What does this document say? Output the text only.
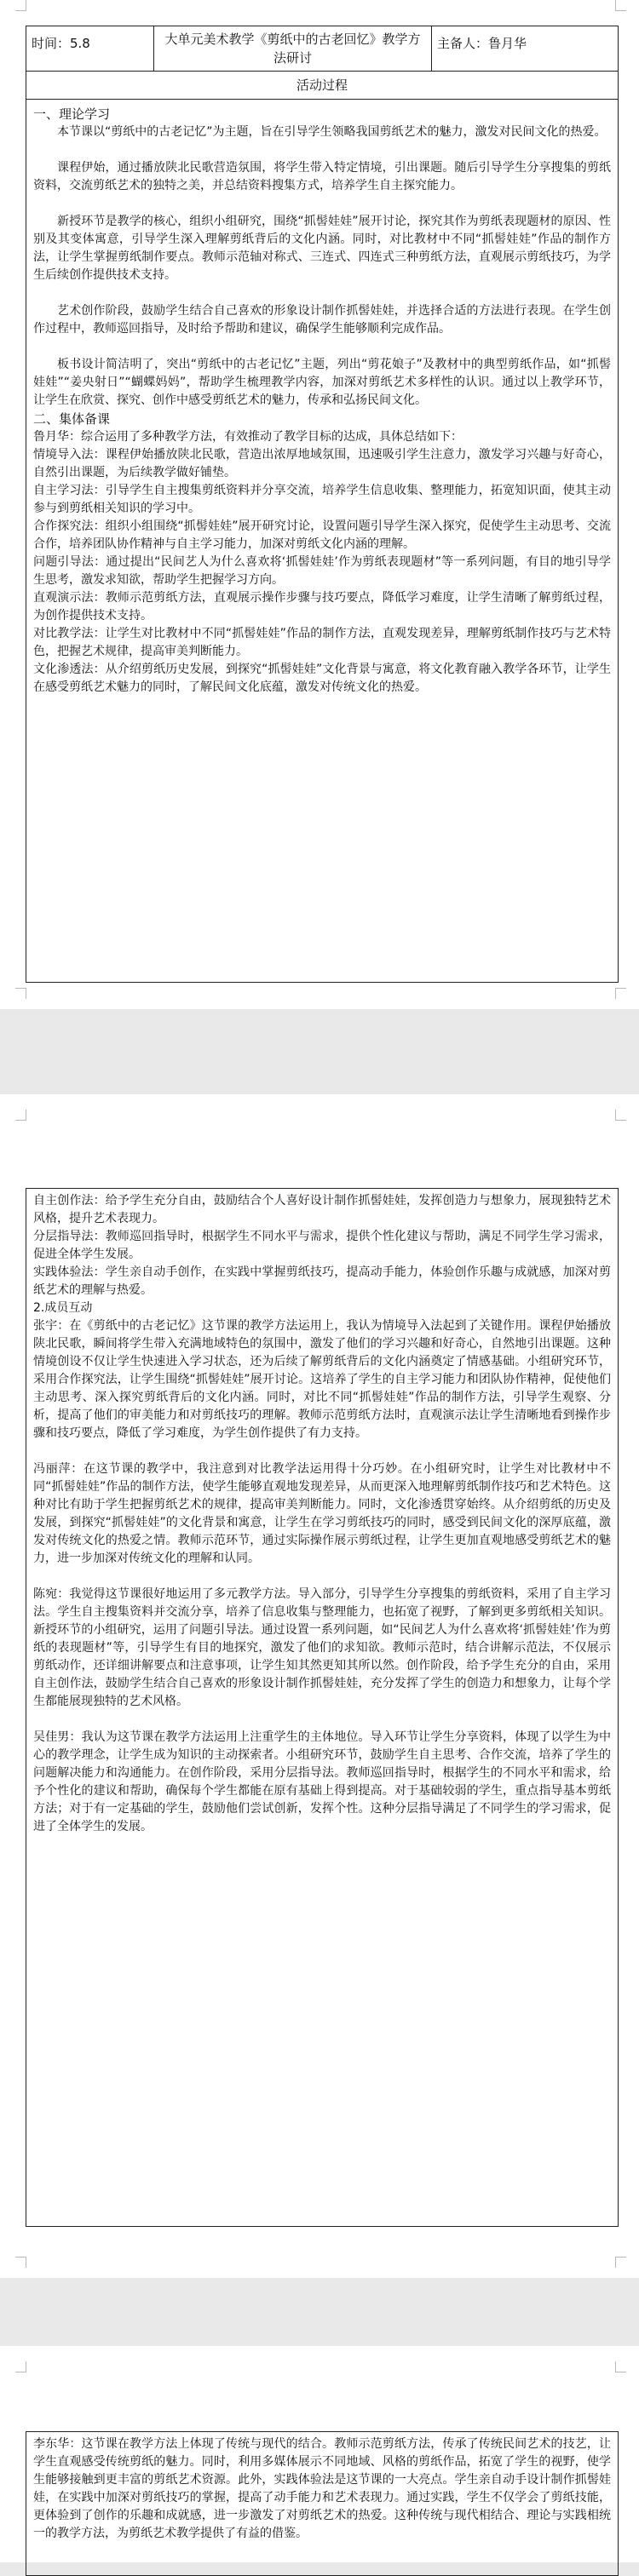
时间：5.8	大单元美术教学《剪纸中的古老回忆》教学方法研讨
主备人：鲁月华
活动过程
一、理论学习

本节课以“剪纸中的古老记忆”为主题，旨在引导学生领略我国剪纸艺术的魅力，激发对民间文化的热爱。

课程伊始，通过播放陕北民歌营造氛围，将学生带入特定情境，引出课题。随后引导学生分享搜集的剪纸资料，交流剪纸艺术的独特之美，并总结资料搜集方式，培养学生自主探究能力。

新授环节是教学的核心，组织小组研究，围绕“抓髻娃娃”展开讨论，探究其作为剪纸表现题材的原因、性别及其变体寓意，引导学生深入理解剪纸背后的文化内涵。同时，对比教材中不同“抓髻娃娃”作品的制作方法，让学生掌握剪纸制作要点。教师示范轴对称式、三连式、四连式三种剪纸方法，直观展示剪纸技巧，为学生后续创作提供技术支持。

艺术创作阶段，鼓励学生结合自己喜欢的形象设计制作抓髻娃娃，并选择合适的方法进行表现。在学生创作过程中，教师巡回指导，及时给予帮助和建议，确保学生能够顺利完成作品。

板书设计简洁明了，突出“剪纸中的古老记忆”主题，列出“剪花娘子”及教材中的典型剪纸作品，如“抓髻娃娃”“姜央射日”“蝴蝶妈妈”，帮助学生梳理教学内容，加深对剪纸艺术多样性的认识。通过以上教学环节，让学生在欣赏、探究、创作中感受剪纸艺术的魅力，传承和弘扬民间文化。

二、集体备课

鲁月华：综合运用了多种教学方法，有效推动了教学目标的达成，具体总结如下：

情境导入法：课程伊始播放陕北民歌，营造出浓厚地域氛围，迅速吸引学生注意力，激发学习兴趣与好奇心，自然引出课题，为后续教学做好铺垫。

自主学习法：引导学生自主搜集剪纸资料并分享交流，培养学生信息收集、整理能力，拓宽知识面，使其主动参与到剪纸相关知识的学习中。

合作探究法：组织小组围绕“抓髻娃娃”展开研究讨论，设置问题引导学生深入探究，促使学生主动思考、交流合作，培养团队协作精神与自主学习能力，加深对剪纸文化内涵的理解。

问题引导法：通过提出“民间艺人为什么喜欢将‘抓髻娃娃’作为剪纸表现题材”等一系列问题，有目的地引导学生思考，激发求知欲，帮助学生把握学习方向。

直观演示法：教师示范剪纸方法，直观展示操作步骤与技巧要点，降低学习难度，让学生清晰了解剪纸过程，为创作提供技术支持。

对比教学法：让学生对比教材中不同“抓髻娃娃”作品的制作方法，直观发现差异，理解剪纸制作技巧与艺术特色，把握艺术规律，提高审美判断能力。

文化渗透法：从介绍剪纸历史发展，到探究“抓髻娃娃”文化背景与寓意，将文化教育融入教学各环节，让学生在感受剪纸艺术魅力的同时，了解民间文化底蕴，激发对传统文化的热爱。

自主创作法：给予学生充分自由，鼓励结合个人喜好设计制作抓髻娃娃，发挥创造力与想象力，展现独特艺术风格，提升艺术表现力。

分层指导法：教师巡回指导时，根据学生不同水平与需求，提供个性化建议与帮助，满足不同学生学习需求，促进全体学生发展。

实践体验法：学生亲自动手创作，在实践中掌握剪纸技巧，提高动手能力，体验创作乐趣与成就感，加深对剪纸艺术的理解与热爱。

2.成员互动

张宇：在《剪纸中的古老记忆》这节课的教学方法运用上，我认为情境导入法起到了关键作用。课程伊始播放陕北民歌，瞬间将学生带入充满地域特色的氛围中，激发了他们的学习兴趣和好奇心，自然地引出课题。这种情境创设不仅让学生快速进入学习状态，还为后续了解剪纸背后的文化内涵奠定了情感基础。小组研究环节，采用合作探究法，让学生围绕“抓髻娃娃”展开讨论。这培养了学生的自主学习能力和团队协作精神，促使他们主动思考、深入探究剪纸背后的文化内涵。同时，对比不同“抓髻娃娃”作品的制作方法，引导学生观察、分析，提高了他们的审美能力和对剪纸技巧的理解。教师示范剪纸方法时，直观演示法让学生清晰地看到操作步骤和技巧要点，降低了学习难度，为学生创作提供了有力支持。

冯丽萍：在这节课的教学中，我注意到对比教学法运用得十分巧妙。在小组研究时，让学生对比教材中不同“抓髻娃娃”作品的制作方法，使学生能够直观地发现差异，从而更深入地理解剪纸制作技巧和艺术特色。这种对比有助于学生把握剪纸艺术的规律，提高审美判断能力。同时，文化渗透贯穿始终。从介绍剪纸的历史及发展，到探究“抓髻娃娃”的文化背景和寓意，让学生在学习剪纸技巧的同时，感受到民间文化的深厚底蕴，激发对传统文化的热爱之情。教师示范环节，通过实际操作展示剪纸过程，让学生更加直观地感受剪纸艺术的魅力，进一步加深对传统文化的理解和认同。

陈宛：我觉得这节课很好地运用了多元教学方法。导入部分，引导学生分享搜集的剪纸资料，采用了自主学习法。学生自主搜集资料并交流分享，培养了信息收集与整理能力，也拓宽了视野，了解到更多剪纸相关知识。新授环节的小组研究，运用了问题引导法。通过设置一系列问题，如“民间艺人为什么喜欢将‘抓髻娃娃’作为剪纸的表现题材”等，引导学生有目的地探究，激发了他们的求知欲。教师示范时，结合讲解示范法，不仅展示剪纸动作，还详细讲解要点和注意事项，让学生知其然更知其所以然。创作阶段，给予学生充分的自由，采用自主创作法，鼓励学生结合自己喜欢的形象设计制作抓髻娃娃，充分发挥了学生的创造力和想象力，让每个学生都能展现独特的艺术风格。

吴佳男：我认为这节课在教学方法运用上注重学生的主体地位。导入环节让学生分享资料，体现了以学生为中心的教学理念，让学生成为知识的主动探索者。小组研究环节，鼓励学生自主思考、合作交流，培养了学生的问题解决能力和沟通能力。在创作阶段，采用分层指导法。教师巡回指导时，根据学生的不同水平和需求，给予个性化的建议和帮助，确保每个学生都能在原有基础上得到提高。对于基础较弱的学生，重点指导基本剪纸方法；对于有一定基础的学生，鼓励他们尝试创新，发挥个性。这种分层指导满足了不同学生的学习需求，促进了全体学生的发展。

李东华：这节课在教学方法上体现了传统与现代的结合。教师示范剪纸方法，传承了传统民间艺术的技艺，让学生直观感受传统剪纸的魅力。同时，利用多媒体展示不同地域、风格的剪纸作品，拓宽了学生的视野，使学生能够接触到更丰富的剪纸艺术资源。此外，实践体验法是这节课的一大亮点。学生亲自动手设计制作抓髻娃娃，在实践中加深对剪纸技巧的掌握，提高了动手能力和艺术表现力。通过实践，学生不仅学会了剪纸技能，更体验到了创作的乐趣和成就感，进一步激发了对剪纸艺术的热爱。这种传统与现代相结合、理论与实践相统一的教学方法，为剪纸艺术教学提供了有益的借鉴。
